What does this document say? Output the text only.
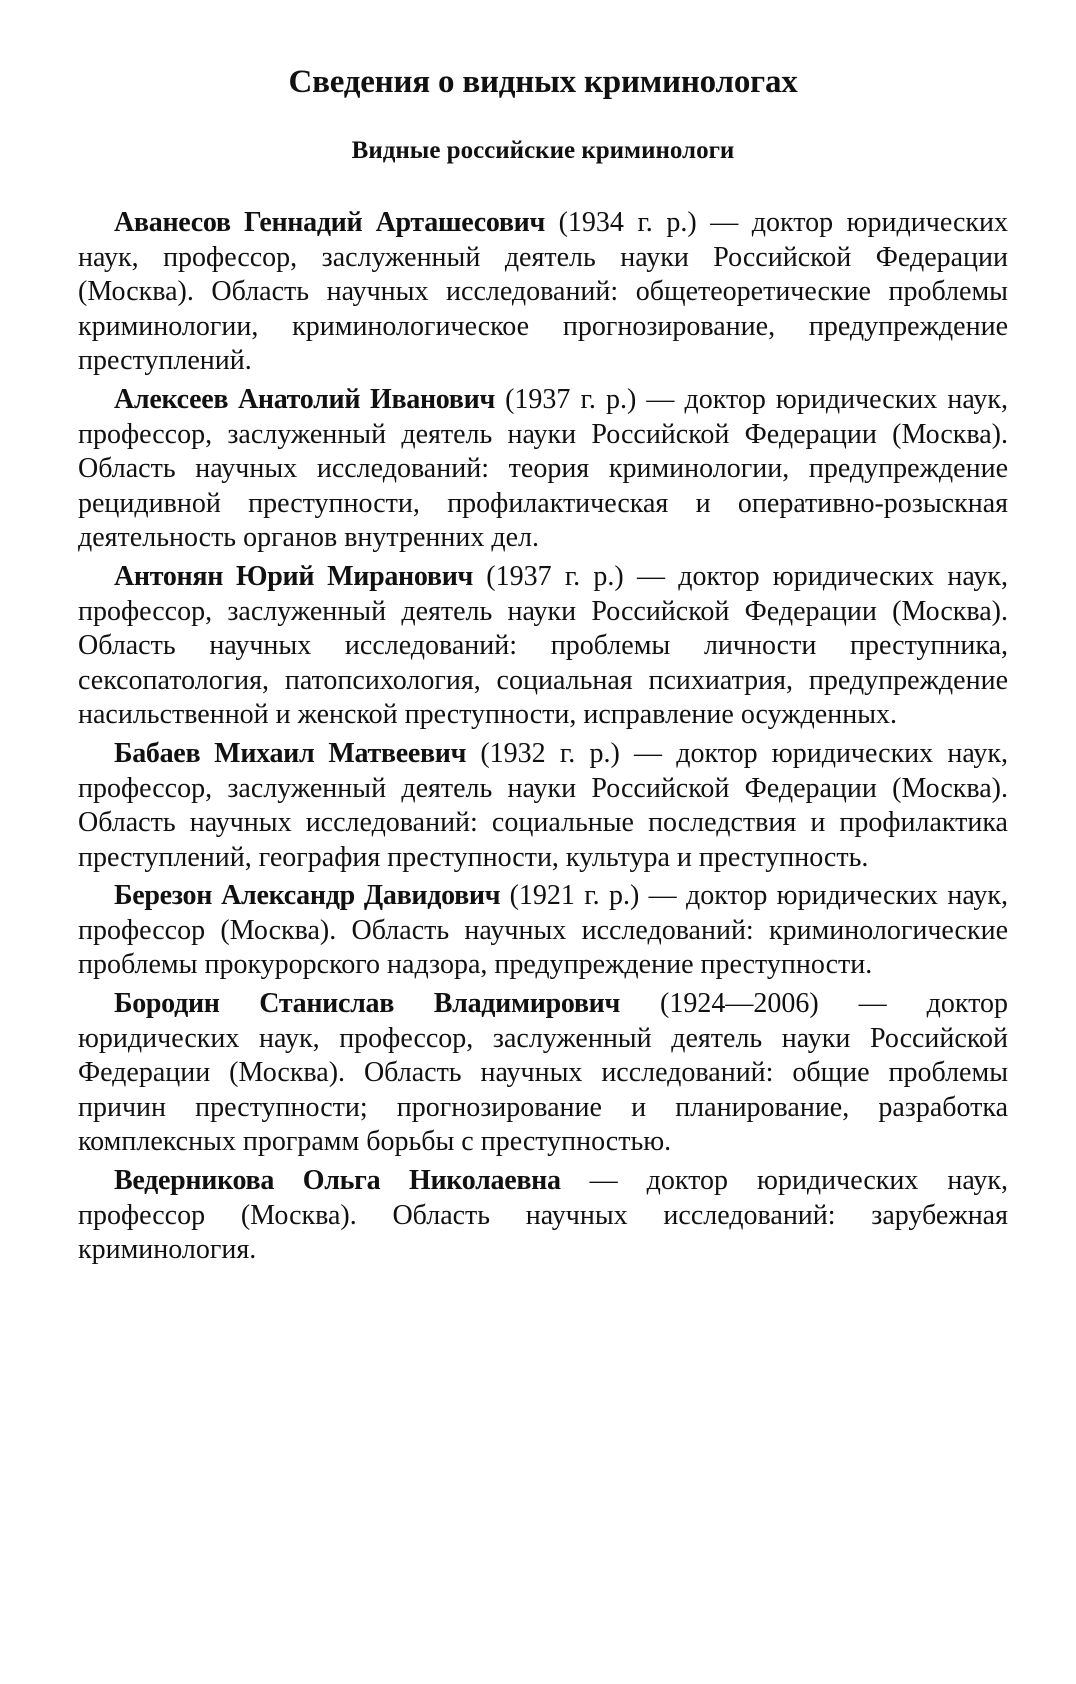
Сведения о видных криминологах
Видные российские криминологи

Аванесов Геннадий Арташесович (1934 г. р.) — доктор юридических наук, профессор, заслуженный деятель науки Российской Федерации (Москва). Область научных исследований: общетеоретические проблемы криминологии, криминологическое прогнозирование, предупреждение преступлений.

Алексеев Анатолий Иванович (1937 г. р.) — доктор юридических наук, профессор, заслуженный деятель науки Российской Федерации (Москва). Область научных исследований: теория криминологии, предупреждение рецидивной преступности, профилактическая и оперативно-розыскная деятельность органов внутренних дел.

Антонян Юрий Миранович (1937 г. р.) — доктор юридических наук, профессор, заслуженный деятель науки Российской Федерации (Москва). Область научных исследований: проблемы личности преступника, сексопатология, патопсихология, социальная психиатрия, предупреждение насильственной и женской преступности, исправление осужденных.

Бабаев Михаил Матвеевич (1932 г. р.) — доктор юридических наук, профессор, заслуженный деятель науки Российской Федерации (Москва). Область научных исследований: социальные последствия и профилактика преступлений, география преступности, культура и преступность.

Березон Александр Давидович (1921 г. р.) — доктор юридических наук, профессор (Москва). Область научных исследований: криминологические проблемы прокурорского надзора, предупреждение преступности.

Бородин Станислав Владимирович (1924—2006) — доктор юридических наук, профессор, заслуженный деятель науки Российской Федерации (Москва). Область научных исследований: общие проблемы причин преступности; прогнозирование и планирование, разработка комплексных программ борьбы с преступностью.

Ведерникова Ольга Николаевна — доктор юридических наук, профессор (Москва). Область научных исследований: зарубежная криминология.
